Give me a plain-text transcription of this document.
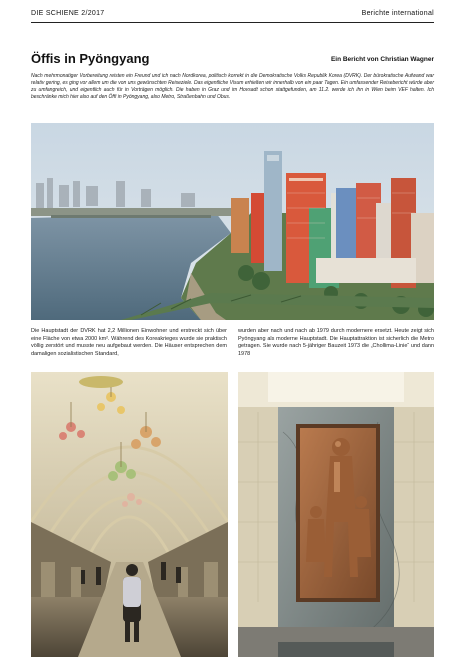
DIE SCHIENE 2/2017	Berichte international
Öffis in Pyöngyang	Ein Bericht von Christian Wagner
Nach mehrmonatiger Vorbereitung reisten ein Freund und ich nach Nordkorea, politisch korrekt in die Demokratische Volks Republik Korea (DVRK). Der bürokratische Aufwand war relativ gering, es ging vor allem um die von uns gewünschten Reiseziele. Das eigentliche Visum erhielten wir innerhalb von ein paar Tagen. Ein umfassender Reisebericht würde aber zu umfangreich, und eigentlich auch für in Vorträgen möglich. Die haben in Graz und im Hovsadt schon stattgefunden, am 11.2. werde ich ihn in Wien beim VEF halten. Ich beschränke mich hier also auf den Öffi in Pyöngyang, also Metro, Straßenbahn und Obus.
Die Hauptstadt der DVRK hat 2,2 Millionen Einwohner und erstreckt sich über eine Fläche von etwa 2000 km². Während des Koreakrieges wurde sie praktisch völlig zerstört und musste neu aufgebaut werden. Die Häuser entsprechen dem damaligen sozialistischen Standard,
wurden aber nach und nach ab 1979 durch modernere ersetzt. Heute zeigt sich Pyöngyang als moderne Hauptstadt. Die Hauptattraktion ist sicherlich die Metro getragen. Sie wurde nach 5-jähriger Bauzeit 1973 die „Chollima-Linie“ und dann 1978
